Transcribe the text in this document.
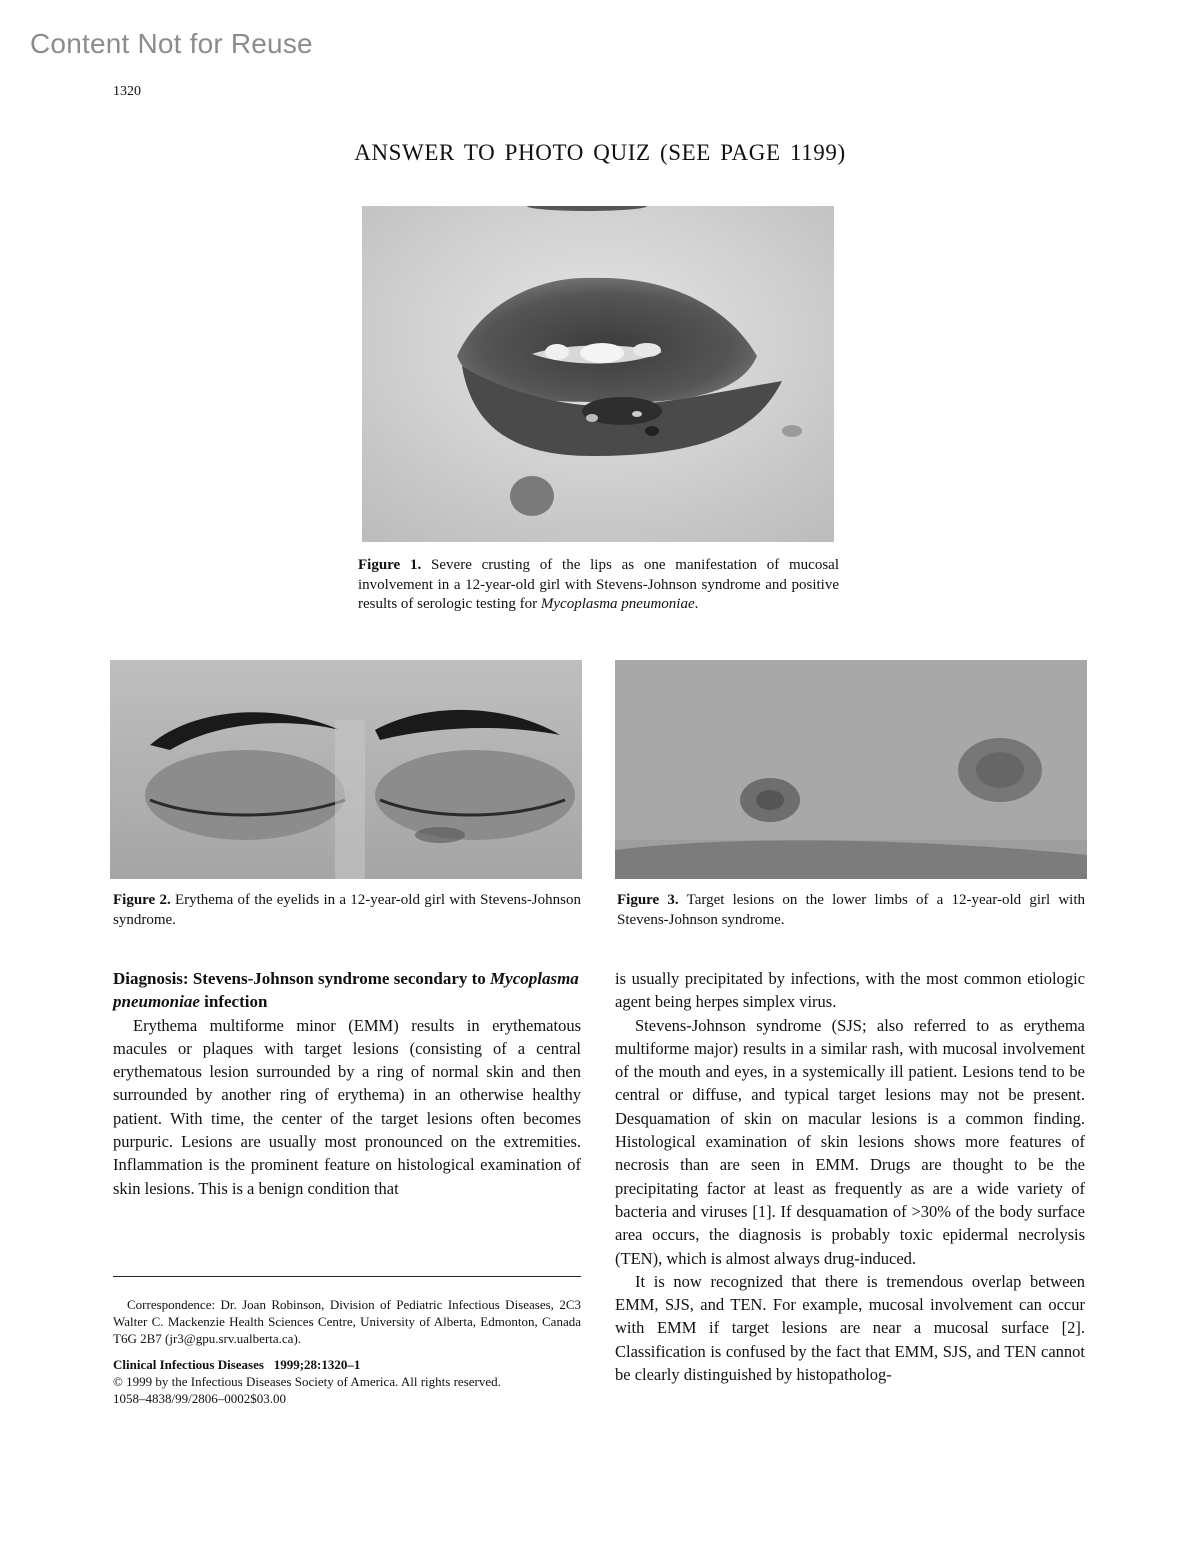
Content Not for Reuse
1320
ANSWER TO PHOTO QUIZ (SEE PAGE 1199)
Figure 1. Severe crusting of the lips as one manifestation of mucosal involvement in a 12-year-old girl with Stevens-Johnson syndrome and positive results of serologic testing for Mycoplasma pneumoniae.
Figure 2. Erythema of the eyelids in a 12-year-old girl with Stevens-Johnson syndrome.
Figure 3. Target lesions on the lower limbs of a 12-year-old girl with Stevens-Johnson syndrome.

Diagnosis: Stevens-Johnson syndrome secondary to Mycoplasma pneumoniae infection

Erythema multiforme minor (EMM) results in erythematous macules or plaques with target lesions (consisting of a central erythematous lesion surrounded by a ring of normal skin and then surrounded by another ring of erythema) in an otherwise healthy patient. With time, the center of the target lesions often becomes purpuric. Lesions are usually most pronounced on the extremities. Inflammation is the prominent feature on histological examination of skin lesions. This is a benign condition that

is usually precipitated by infections, with the most common etiologic agent being herpes simplex virus.

Stevens-Johnson syndrome (SJS; also referred to as erythema multiforme major) results in a similar rash, with mucosal involvement of the mouth and eyes, in a systemically ill patient. Lesions tend to be central or diffuse, and typical target lesions may not be present. Desquamation of skin on macular lesions is a common finding. Histological examination of skin lesions shows more features of necrosis than are seen in EMM. Drugs are thought to be the precipitating factor at least as frequently as are a wide variety of bacteria and viruses [1]. If desquamation of >30% of the body surface area occurs, the diagnosis is probably toxic epidermal necrolysis (TEN), which is almost always drug-induced.

It is now recognized that there is tremendous overlap between EMM, SJS, and TEN. For example, mucosal involvement can occur with EMM if target lesions are near a mucosal surface [2]. Classification is confused by the fact that EMM, SJS, and TEN cannot be clearly distinguished by histopatholog-

Correspondence: Dr. Joan Robinson, Division of Pediatric Infectious Diseases, 2C3 Walter C. Mackenzie Health Sciences Centre, University of Alberta, Edmonton, Canada T6G 2B7 (jr3@gpu.srv.ualberta.ca).
Clinical Infectious Diseases 1999;28:1320–1
© 1999 by the Infectious Diseases Society of America. All rights reserved.
1058–4838/99/2806–0002$03.00
